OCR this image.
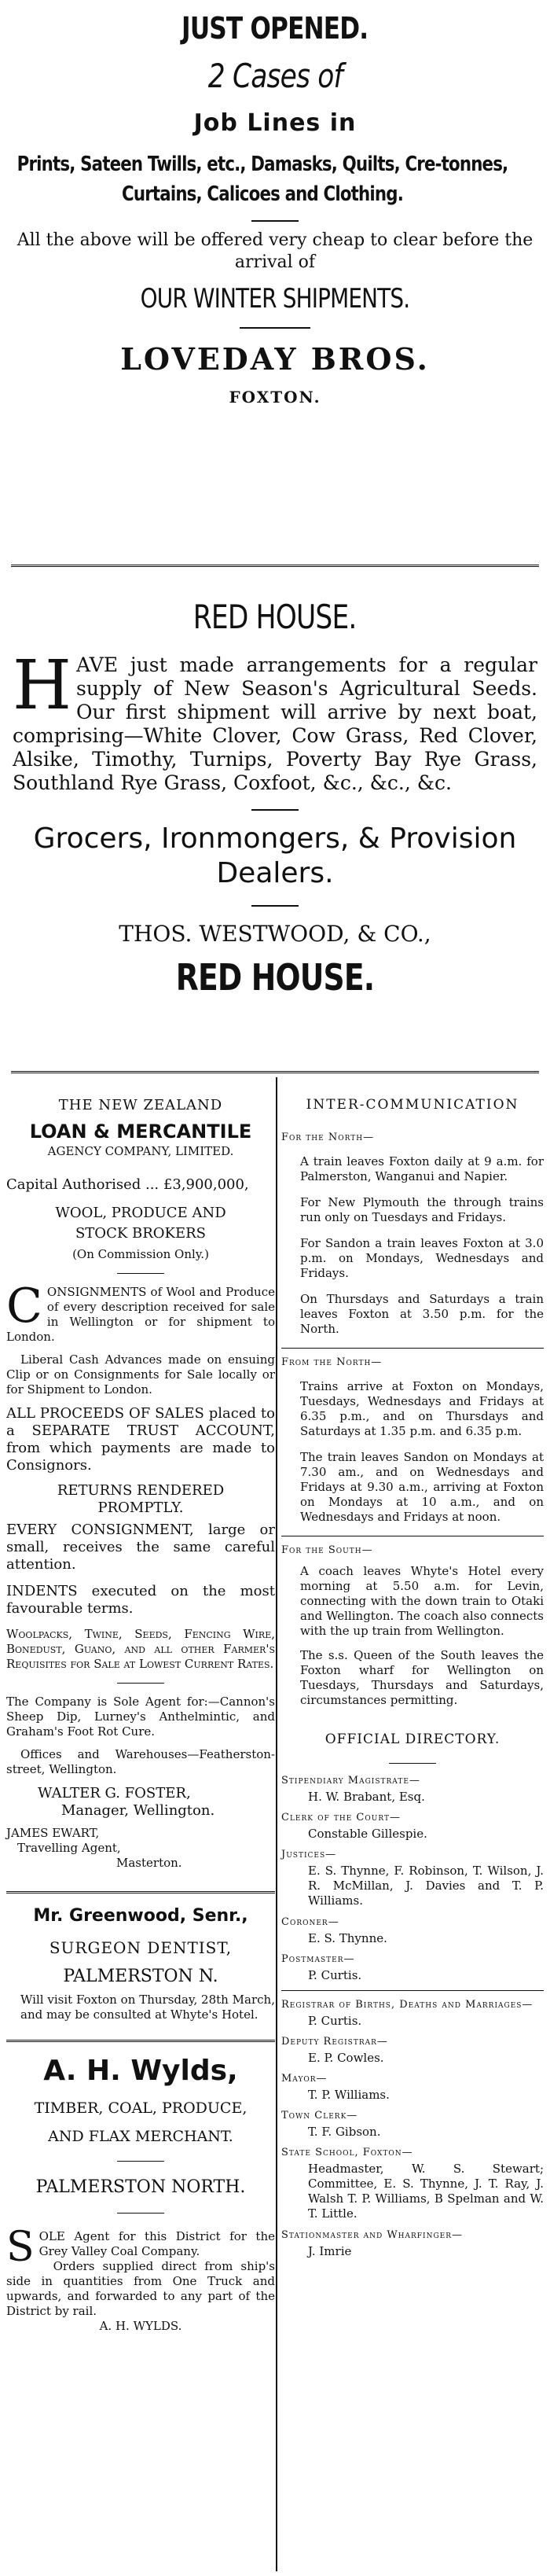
JUST OPENED.
2 Cases of
Job Lines in
Prints, Sateen Twills, etc., Damasks, Quilts, Cre-tonnes, Curtains, Calicoes and Clothing.
All the above will be offered very cheap to clear before the arrival of
OUR WINTER SHIPMENTS.
LOVEDAY BROS.
FOXTON.
RED HOUSE.
HAVE just made arrangements for a regular supply of New Season's Agricultural Seeds. Our first shipment will arrive by next boat, comprising—White Clover, Cow Grass, Red Clover, Alsike, Timothy, Turnips, Poverty Bay Rye Grass, Southland Rye Grass, Coxfoot, &c., &c., &c.
Grocers, Ironmongers, & Provision Dealers.
THOS. WESTWOOD, & CO.,
RED HOUSE.
THE NEW ZEALAND
LOAN & MERCANTILE
AGENCY COMPANY, LIMITED.
Capital Authorised ... £3,900,000,
WOOL, PRODUCE AND
STOCK BROKERS
(On Commission Only.)
CONSIGNMENTS of Wool and Produce of every description received for sale in Wellington or for shipment to London.
Liberal Cash Advances made on ensuing Clip or on Consignments for Sale locally or for Shipment to London.
ALL PROCEEDS OF SALES placed to a SEPARATE TRUST ACCOUNT, from which payments are made to Consignors.
RETURNS RENDERED
PROMPTLY.
EVERY CONSIGNMENT, large or small, receives the same careful attention.
INDENTS executed on the most favourable terms.
Woolpacks, Twine, Seeds, Fencing Wire, Bonedust, Guano, and all other Farmer's Requisites for Sale at Lowest Current Rates.
The Company is Sole Agent for:—Cannon's Sheep Dip, Lurney's Anthelmintic, and Graham's Foot Rot Cure.
Offices and Warehouses—Featherston-street, Wellington.
WALTER G. FOSTER,
Manager, Wellington.
JAMES EWART,
Travelling Agent,
Masterton.
Mr. Greenwood, Senr.,
SURGEON DENTIST,
PALMERSTON N.
Will visit Foxton on Thursday, 28th March, and may be consulted at Whyte's Hotel.
A. H. Wylds,
TIMBER, COAL, PRODUCE,
AND FLAX MERCHANT.
PALMERSTON NORTH.
SOLE Agent for this District for the Grey Valley Coal Company.
Orders supplied direct from ship's side in quantities from One Truck and upwards, and forwarded to any part of the District by rail.
A. H. WYLDS.
INTER-COMMUNICATION
For the North—
A train leaves Foxton daily at 9 a.m. for Palmerston, Wanganui and Napier.
For New Plymouth the through trains run only on Tuesdays and Fridays.
For Sandon a train leaves Foxton at 3.0 p.m. on Mondays, Wednesdays and Fridays.
On Thursdays and Saturdays a train leaves Foxton at 3.50 p.m. for the North.
From the North—
Trains arrive at Foxton on Mondays, Tuesdays, Wednesdays and Fridays at 6.35 p.m., and on Thursdays and Saturdays at 1.35 p.m. and 6.35 p.m.
The train leaves Sandon on Mondays at 7.30 am., and on Wednesdays and Fridays at 9.30 a.m., arriving at Foxton on Mondays at 10 a.m., and on Wednesdays and Fridays at noon.
For the South—
A coach leaves Whyte's Hotel every morning at 5.50 a.m. for Levin, connecting with the down train to Otaki and Wellington. The coach also connects with the up train from Wellington.
The s.s. Queen of the South leaves the Foxton wharf for Wellington on Tuesdays, Thursdays and Saturdays, circumstances permitting.
OFFICIAL DIRECTORY.
Stipendiary Magistrate—
H. W. Brabant, Esq.
Clerk of the Court—
Constable Gillespie.
Justices—
E. S. Thynne, F. Robinson, T. Wilson, J. R. McMillan, J. Davies and T. P. Williams.
Coroner—
E. S. Thynne.
Postmaster—
P. Curtis.
Registrar of Births, Deaths and Marriages—
P. Curtis.
Deputy Registrar—
E. P. Cowles.
Mayor—
T. P. Williams.
Town Clerk—
T. F. Gibson.
State School, Foxton—
Headmaster, W. S. Stewart; Committee, E. S. Thynne, J. T. Ray, J. Walsh T. P. Williams, B Spelman and W. T. Little.
Stationmaster and Wharfinger—
J. Imrie
